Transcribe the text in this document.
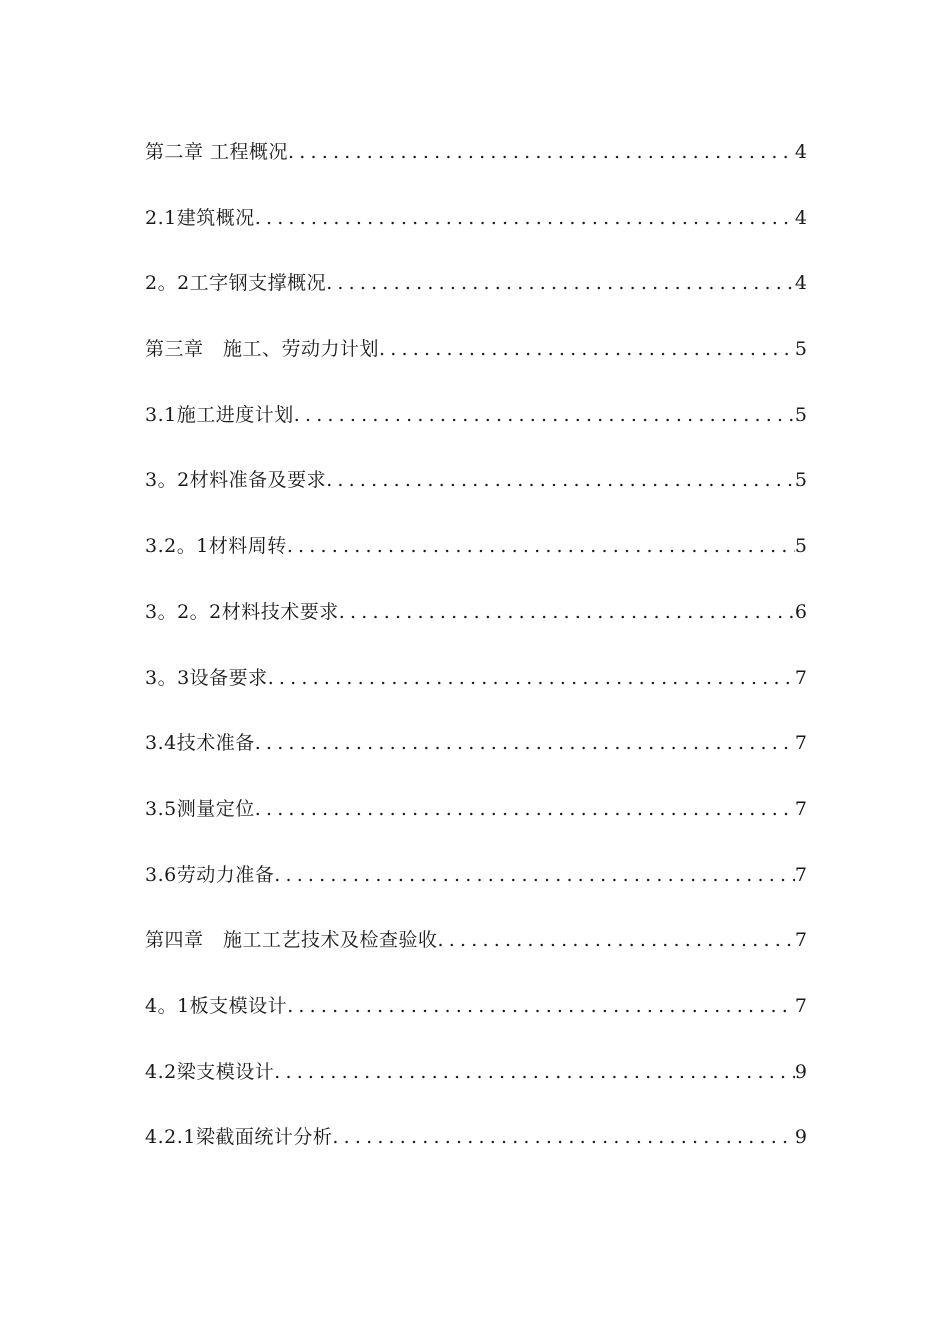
第二章 工程概况 .....	4
2.1建筑概况 .....	4
2。2工字钢支撑概况 .....	4
第三章　施工、劳动力计划 .....	5
3.1施工进度计划 .....	5
3。2材料准备及要求 .....	5
3.2。1材料周转 .....	5
3。2。2材料技术要求 .....	6
3。3设备要求 .....	7
3.4技术准备 .....	7
3.5测量定位 .....	7
3.6劳动力准备 .....	7
第四章　施工工艺技术及检查验收 .....	7
4。1板支模设计 .....	7
4.2梁支模设计 .....	9
4.2.1梁截面统计分析 .....	9
